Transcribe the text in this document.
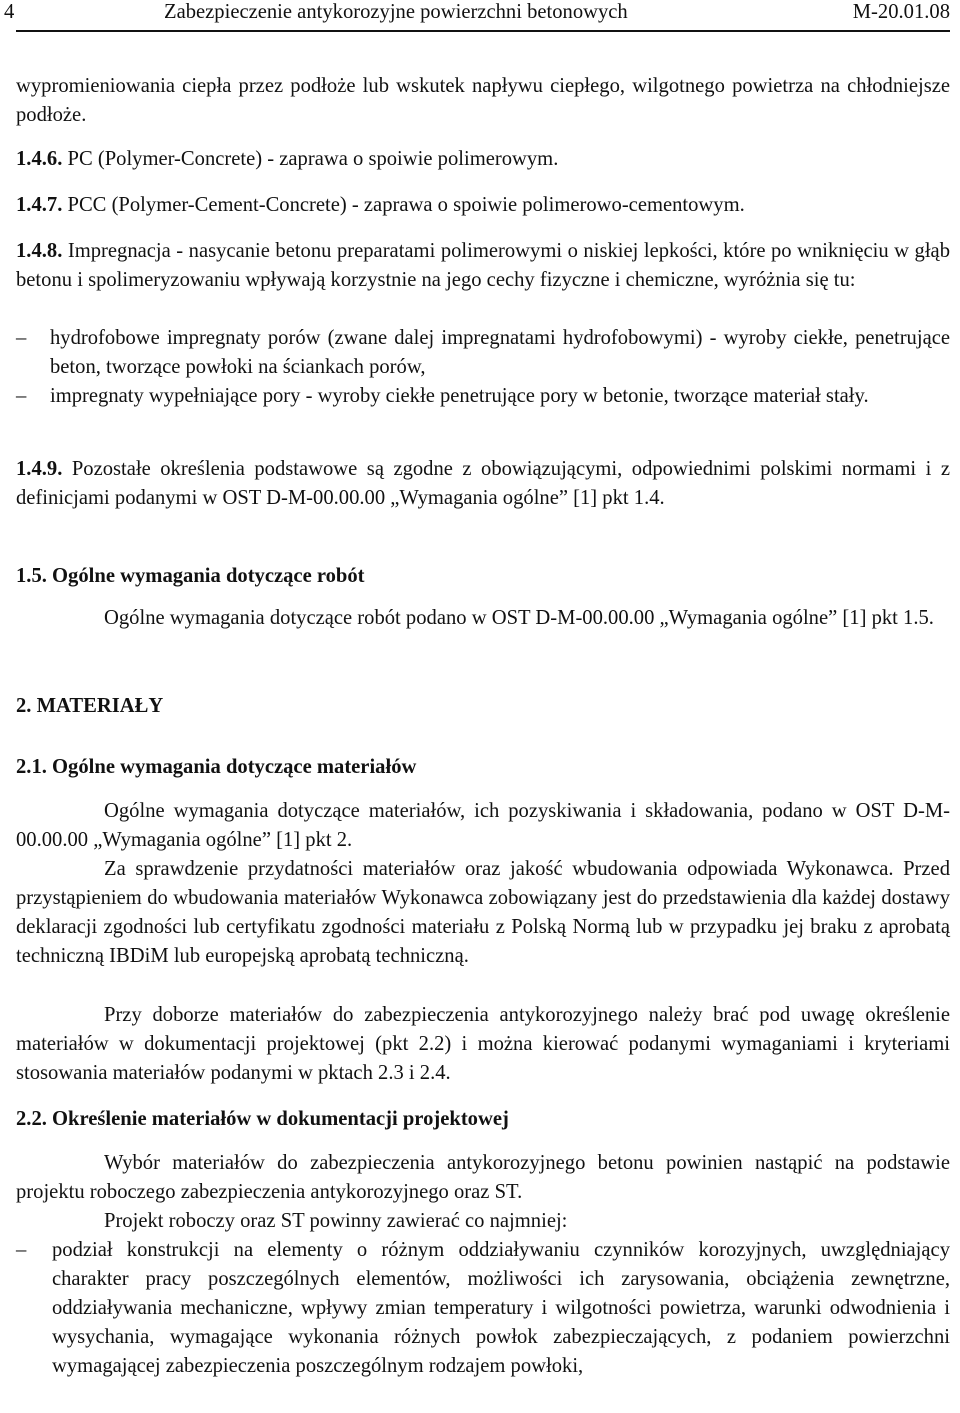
4	Zabezpieczenie antykorozyjne powierzchni betonowych	M-20.01.08
wypromieniowania ciepła przez podłoże lub wskutek napływu ciepłego, wilgotnego powietrza na chłodniejsze podłoże.
1.4.6. PC (Polymer-Concrete) - zaprawa o spoiwie polimerowym.
1.4.7. PCC (Polymer-Cement-Concrete) - zaprawa o spoiwie polimerowo-cementowym.
1.4.8. Impregnacja - nasycanie betonu preparatami polimerowymi o niskiej lepkości, które po wniknięciu w głąb betonu i spolimeryzowaniu wpływają korzystnie na jego cechy fizyczne i chemiczne, wyróżnia się tu:
–	hydrofobowe impregnaty porów (zwane dalej impregnatami hydrofobowymi) - wyroby ciekłe, penetrujące beton, tworzące powłoki na ściankach porów,
–	impregnaty wypełniające pory - wyroby ciekłe penetrujące pory w betonie, tworzące materiał stały.
1.4.9. Pozostałe określenia podstawowe są zgodne z obowiązującymi, odpowiednimi polskimi normami i z definicjami podanymi w OST D-M-00.00.00 „Wymagania ogólne” [1] pkt 1.4.
1.5. Ogólne wymagania dotyczące robót
Ogólne wymagania dotyczące robót podano w OST D-M-00.00.00 „Wymagania ogólne” [1] pkt 1.5.
2. MATERIAŁY
2.1. Ogólne wymagania dotyczące materiałów
Ogólne wymagania dotyczące materiałów, ich pozyskiwania i składowania, podano w OST D-M-00.00.00 „Wymagania ogólne” [1] pkt 2.
Za sprawdzenie przydatności materiałów oraz jakość wbudowania odpowiada Wykonawca. Przed przystąpieniem do wbudowania materiałów Wykonawca zobowiązany jest do przedstawienia dla każdej dostawy deklaracji zgodności lub certyfikatu zgodności materiału z Polską Normą lub w przypadku jej braku z aprobatą techniczną IBDiM lub europejską aprobatą techniczną.
Przy doborze materiałów do zabezpieczenia antykorozyjnego należy brać pod uwagę określenie materiałów w dokumentacji projektowej (pkt 2.2) i można kierować podanymi wymaganiami i kryteriami stosowania materiałów podanymi w pktach 2.3 i 2.4.
2.2. Określenie materiałów w dokumentacji projektowej
Wybór materiałów do zabezpieczenia antykorozyjnego betonu powinien nastąpić na podstawie projektu roboczego zabezpieczenia antykorozyjnego oraz ST.
Projekt roboczy oraz ST powinny zawierać co najmniej:
–	podział konstrukcji na elementy o różnym oddziaływaniu czynników korozyjnych, uwzględniający charakter pracy poszczególnych elementów, możliwości ich zarysowania, obciążenia zewnętrzne, oddziaływania mechaniczne, wpływy zmian temperatury i wilgotności powietrza, warunki odwodnienia i wysychania, wymagające wykonania różnych powłok zabezpieczających, z podaniem powierzchni wymagającej zabezpieczenia poszczególnym rodzajem powłoki,
